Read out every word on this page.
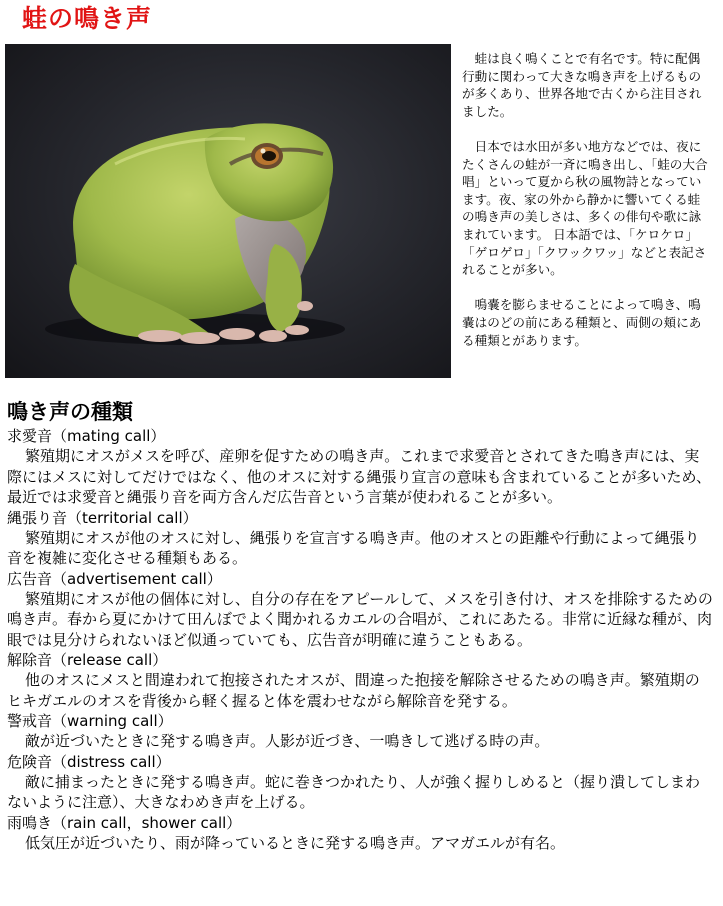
蛙の鳴き声

蛙は良く鳴くことで有名です。特に配偶行動に関わって大きな鳴き声を上げるものが多くあり、世界各地で古くから注目されました。

日本では水田が多い地方などでは、夜にたくさんの蛙が一斉に鳴き出し、「蛙の大合唱」といって夏から秋の風物詩となっています。夜、家の外から静かに響いてくる蛙の鳴き声の美しさは、多くの俳句や歌に詠まれています。 日本語では、「ケロケロ」「ゲロゲロ」「クワックワッ」などと表記されることが多い。

鳴嚢を膨らませることによって鳴き、鳴嚢はのどの前にある種類と、両側の頬にある種類とがあります。

鳴き声の種類
求愛音（mating call）

繁殖期にオスがメスを呼び、産卵を促すための鳴き声。これまで求愛音とされてきた鳴き声には、実際にはメスに対してだけではなく、他のオスに対する縄張り宣言の意味も含まれていることが多いため、最近では求愛音と縄張り音を両方含んだ広告音という言葉が使われることが多い。

縄張り音（territorial call）

繁殖期にオスが他のオスに対し、縄張りを宣言する鳴き声。他のオスとの距離や行動によって縄張り音を複雑に変化させる種類もある。

広告音（advertisement call）

繁殖期にオスが他の個体に対し、自分の存在をアピールして、メスを引き付け、オスを排除するための鳴き声。春から夏にかけて田んぼでよく聞かれるカエルの合唱が、これにあたる。非常に近縁な種が、肉眼では見分けられないほど似通っていても、広告音が明確に違うこともある。

解除音（release call）

他のオスにメスと間違われて抱接されたオスが、間違った抱接を解除させるための鳴き声。繁殖期のヒキガエルのオスを背後から軽く握ると体を震わせながら解除音を発する。

警戒音（warning call）

敵が近づいたときに発する鳴き声。人影が近づき、一鳴きして逃げる時の声。

危険音（distress call）

敵に捕まったときに発する鳴き声。蛇に巻きつかれたり、人が強く握りしめると（握り潰してしまわないように注意）、大きなわめき声を上げる。

雨鳴き（rain call，shower call）

低気圧が近づいたり、雨が降っているときに発する鳴き声。アマガエルが有名。
